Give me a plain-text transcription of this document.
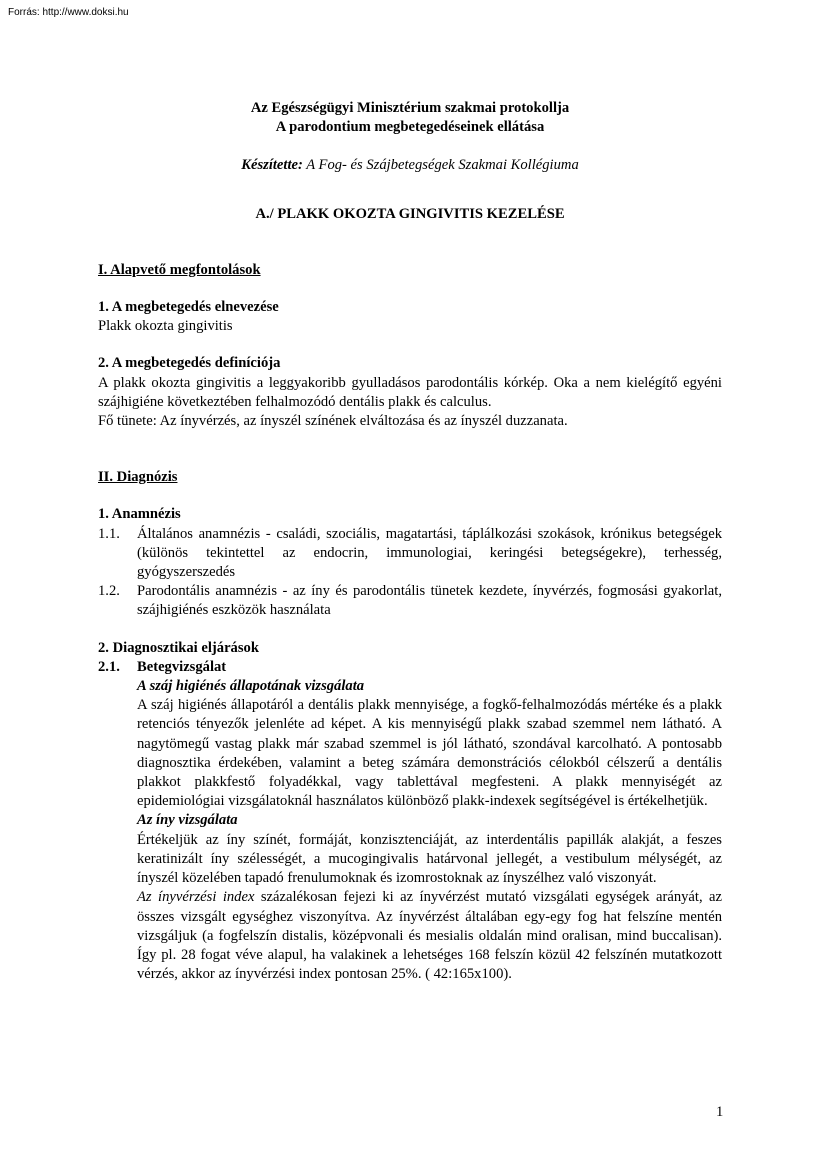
Forrás: http://www.doksi.hu

Az Egészségügyi Minisztérium szakmai protokollja

A parodontium megbetegedéseinek ellátása

Készítette: A Fog- és Szájbetegségek Szakmai Kollégiuma

A./ PLAKK OKOZTA GINGIVITIS KEZELÉSE

I. Alapvető megfontolások

1. A megbetegedés elnevezése

Plakk okozta gingivitis

2. A megbetegedés definíciója

A plakk okozta gingivitis a leggyakoribb gyulladásos parodontális kórkép. Oka a nem kielégítő egyéni szájhigiéne következtében felhalmozódó dentális plakk és calculus.

Fő tünete: Az ínyvérzés, az ínyszél színének elváltozása és az ínyszél duzzanata.

II. Diagnózis

1. Anamnézis

1.1. Általános anamnézis - családi, szociális, magatartási, táplálkozási szokások, krónikus betegségek (különös tekintettel az endocrin, immunologiai, keringési betegségekre), terhesség, gyógyszerszedés

1.2. Parodontális anamnézis - az íny és parodontális tünetek kezdete, ínyvérzés, fogmosási gyakorlat, szájhigiénés eszközök használata

2. Diagnosztikai eljárások

2.1. Betegvizsgálat

A száj higiénés állapotának vizsgálata

A száj higiénés állapotáról a dentális plakk mennyisége, a fogkő-felhalmozódás mértéke és a plakk retenciós tényezők jelenléte ad képet. A kis mennyiségű plakk szabad szemmel nem látható. A nagytömegű vastag plakk már szabad szemmel is jól látható, szondával karcolható. A pontosabb diagnosztika érdekében, valamint a beteg számára demonstrációs célokból célszerű a dentális plakkot plakkfestő folyadékkal, vagy tablettával megfesteni. A plakk mennyiségét az epidemiológiai vizsgálatoknál használatos különböző plakk-indexek segítségével is értékelhetjük.

Az íny vizsgálata

Értékeljük az íny színét, formáját, konzisztenciáját, az interdentális papillák alakját, a feszes keratinizált íny szélességét, a mucogingivalis határvonal jellegét, a vestibulum mélységét, az ínyszél közelében tapadó frenulumoknak és izomrostoknak az ínyszélhez való viszonyát.

Az ínyvérzési index százalékosan fejezi ki az ínyvérzést mutató vizsgálati egységek arányát, az összes vizsgált egységhez viszonyítva. Az ínyvérzést általában egy-egy fog hat felszíne mentén vizsgáljuk (a fogfelszín distalis, középvonali és mesialis oldalán mind oralisan, mind buccalisan). Így pl. 28 fogat véve alapul, ha valakinek a lehetséges 168 felszín közül 42 felszínén mutatkozott vérzés, akkor az ínyvérzési index pontosan 25%. ( 42:165x100).

1
